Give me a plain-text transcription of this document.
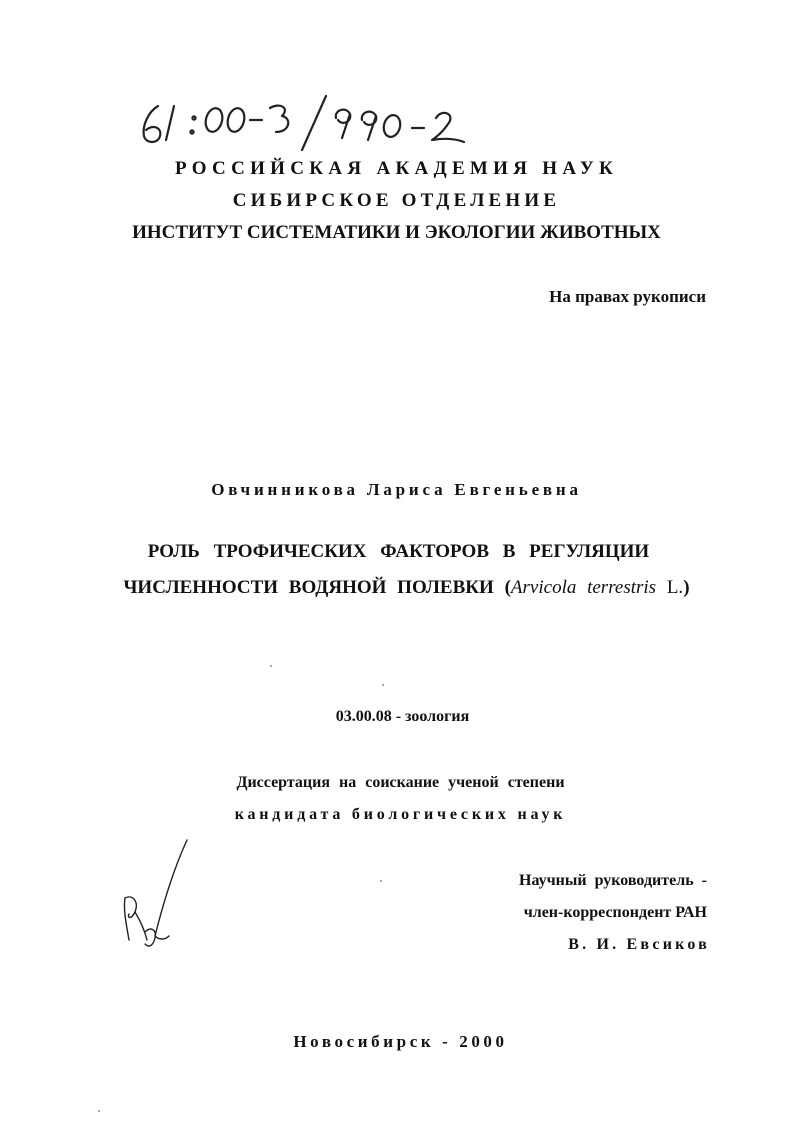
РОССИЙСКАЯ АКАДЕМИЯ НАУК
СИБИРСКОЕ ОТДЕЛЕНИЕ
ИНСТИТУТ СИСТЕМАТИКИ И ЭКОЛОГИИ ЖИВОТНЫХ
На правах рукописи
Овчинникова Лариса Евгеньевна
РОЛЬ ТРОФИЧЕСКИХ ФАКТОРОВ В РЕГУЛЯЦИИ
ЧИСЛЕННОСТИ ВОДЯНОЙ ПОЛЕВКИ (Arvicola terrestris L.)
03.00.08 - зоология
Диссертация на соискание ученой степени
кандидата биологических наук
Научный руководитель -
член-корреспондент РАН
В. И. Евсиков
Новосибирск - 2000
